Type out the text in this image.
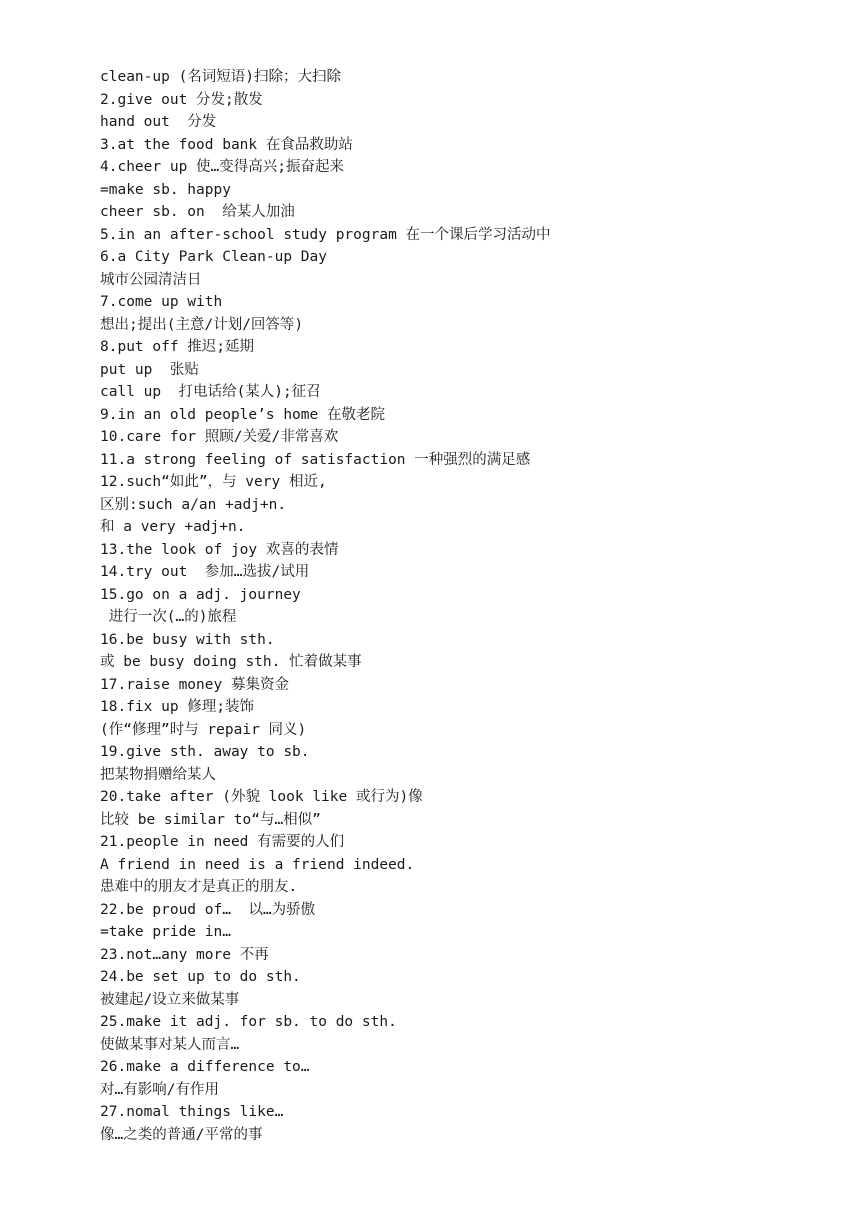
clean-up (名词短语)扫除；大扫除
2.give out 分发;散发
hand out  分发
3.at the food bank 在食品救助站
4.cheer up 使…变得高兴;振奋起来
=make sb. happy
cheer sb. on  给某人加油
5.in an after-school study program 在一个课后学习活动中
6.a City Park Clean-up Day
城市公园清洁日
7.come up with
想出;提出(主意/计划/回答等)
8.put off 推迟;延期
put up  张贴
call up  打电话给(某人);征召
9.in an old people’s home 在敬老院
10.care for 照顾/关爱/非常喜欢
11.a strong feeling of satisfaction 一种强烈的满足感
12.such“如此”，与 very 相近,
区别:such a/an +adj+n.
和 a very +adj+n.
13.the look of joy 欢喜的表情
14.try out  参加…选拔/试用
15.go on a adj. journey
进行一次(…的)旅程
16.be busy with sth.
或 be busy doing sth. 忙着做某事
17.raise money 募集资金
18.fix up 修理;装饰
(作“修理”时与 repair 同义)
19.give sth. away to sb.
把某物捐赠给某人
20.take after (外貌 look like 或行为)像
比较 be similar to“与…相似”
21.people in need 有需要的人们
A friend in need is a friend indeed.
患难中的朋友才是真正的朋友.
22.be proud of…  以…为骄傲
=take pride in…
23.not…any more 不再
24.be set up to do sth.
被建起/设立来做某事
25.make it adj. for sb. to do sth.
使做某事对某人而言…
26.make a difference to…
对…有影响/有作用
27.nomal things like…
像…之类的普通/平常的事
